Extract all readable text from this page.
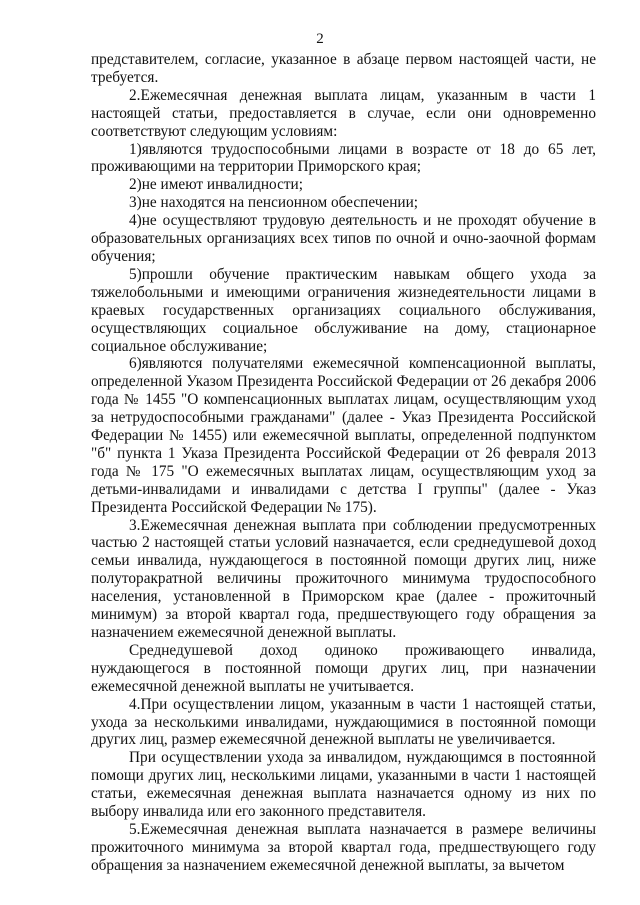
2

представителем, согласие, указанное в абзаце первом настоящей части, не требуется.

2.Ежемесячная денежная выплата лицам, указанным в части 1 настоящей статьи, предоставляется в случае, если они одновременно соответствуют следующим условиям:

1)являются трудоспособными лицами в возрасте от 18 до 65 лет, проживающими на территории Приморского края;

2)не имеют инвалидности;

3)не находятся на пенсионном обеспечении;

4)не осуществляют трудовую деятельность и не проходят обучение в образовательных организациях всех типов по очной и очно-заочной формам обучения;

5)прошли обучение практическим навыкам общего ухода за тяжелобольными и имеющими ограничения жизнедеятельности лицами в краевых государственных организациях социального обслуживания, осуществляющих социальное обслуживание на дому, стационарное социальное обслуживание;

6)являются получателями ежемесячной компенсационной выплаты, определенной Указом Президента Российской Федерации от 26 декабря 2006 года № 1455 "О компенсационных выплатах лицам, осуществляющим уход за нетрудоспособными гражданами" (далее - Указ Президента Российской Федерации № 1455) или ежемесячной выплаты, определенной подпунктом "б" пункта 1 Указа Президента Российской Федерации от 26 февраля 2013 года № 175 "О ежемесячных выплатах лицам, осуществляющим уход за детьми-инвалидами и инвалидами с детства I группы" (далее - Указ Президента Российской Федерации № 175).

3.Ежемесячная денежная выплата при соблюдении предусмотренных частью 2 настоящей статьи условий назначается, если среднедушевой доход семьи инвалида, нуждающегося в постоянной помощи других лиц, ниже полуторакратной величины прожиточного минимума трудоспособного населения, установленной в Приморском крае (далее - прожиточный минимум) за второй квартал года, предшествующего году обращения за назначением ежемесячной денежной выплаты.

Среднедушевой доход одиноко проживающего инвалида, нуждающегося в постоянной помощи других лиц, при назначении ежемесячной денежной выплаты не учитывается.

4.При осуществлении лицом, указанным в части 1 настоящей статьи, ухода за несколькими инвалидами, нуждающимися в постоянной помощи других лиц, размер ежемесячной денежной выплаты не увеличивается.

При осуществлении ухода за инвалидом, нуждающимся в постоянной помощи других лиц, несколькими лицами, указанными в части 1 настоящей статьи, ежемесячная денежная выплата назначается одному из них по выбору инвалида или его законного представителя.

5.Ежемесячная денежная выплата назначается в размере величины прожиточного минимума за второй квартал года, предшествующего году обращения за назначением ежемесячной денежной выплаты, за вычетом
